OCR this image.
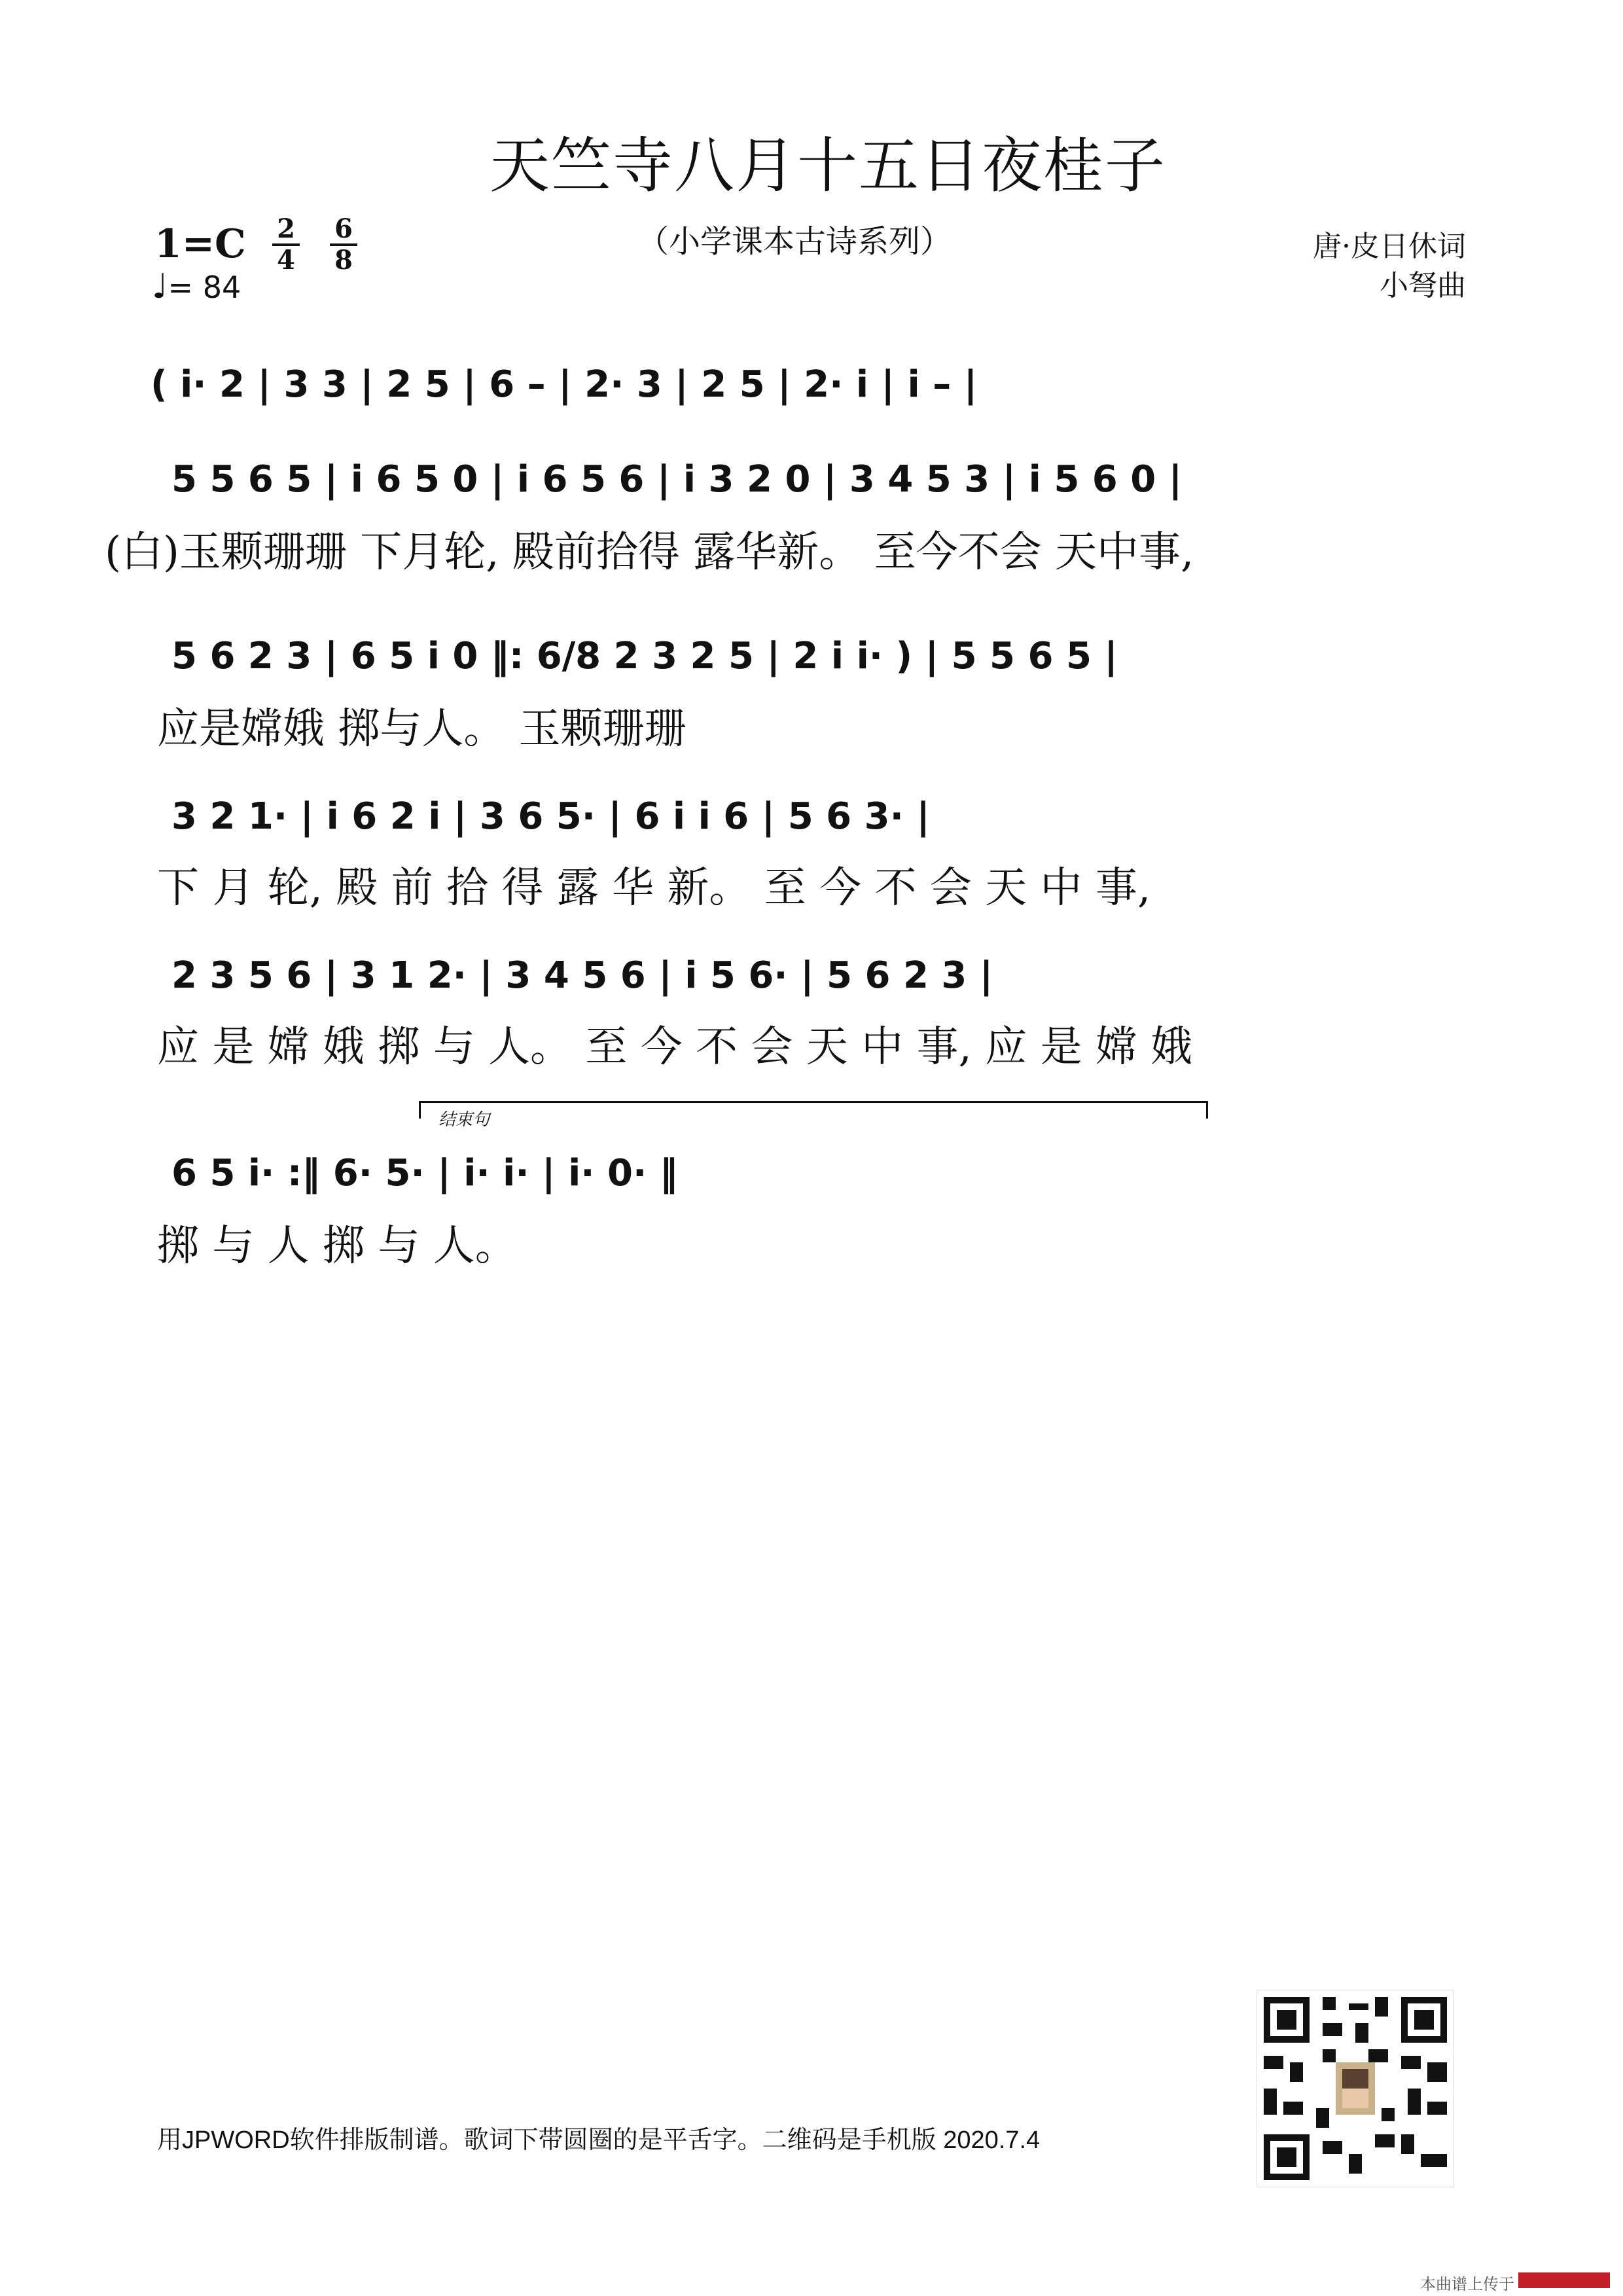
天竺寺八月十五日夜桂子
（小学课本古诗系列）	唐·皮日休词
小弩曲
1=C 2
4
6
8
♩= 84
( i· 2 | 3 3 | 2 5 | 6 – | 2· 3 | 2 5 | 2· i | i – |
5 5 6 5 | i 6 5 0 | i 6 5 6 | i 3 2 0 | 3 4 5 3 | i 5 6 0 |
(白)玉颗珊珊 下月轮, 殿前拾得 露华新。 至今不会 天中事,
5 6 2 3 | 6 5 i 0 ‖: 6/8 2 3 2 5 | 2 i i· ) | 5 5 6 5 |
应是嫦娥 掷与人。 玉颗珊珊
3 2 1· | i 6 2 i | 3 6 5· | 6 i i 6 | 5 6 3· |
下 月 轮, 殿 前 拾 得 露 华 新。 至 今 不 会 天 中 事,
2 3 5 6 | 3 1 2· | 3 4 5 6 | i 5 6· | 5 6 2 3 |
应 是 嫦 娥 掷 与 人。 至 今 不 会 天 中 事, 应 是 嫦 娥
结束句
6 5 i· :‖ 6· 5· | i· i· | i· 0· ‖
掷 与 人 掷 与 人。
用JPWORD软件排版制谱。歌词下带圆圈的是平舌字。二维码是手机版 2020.7.4
本曲谱上传于
